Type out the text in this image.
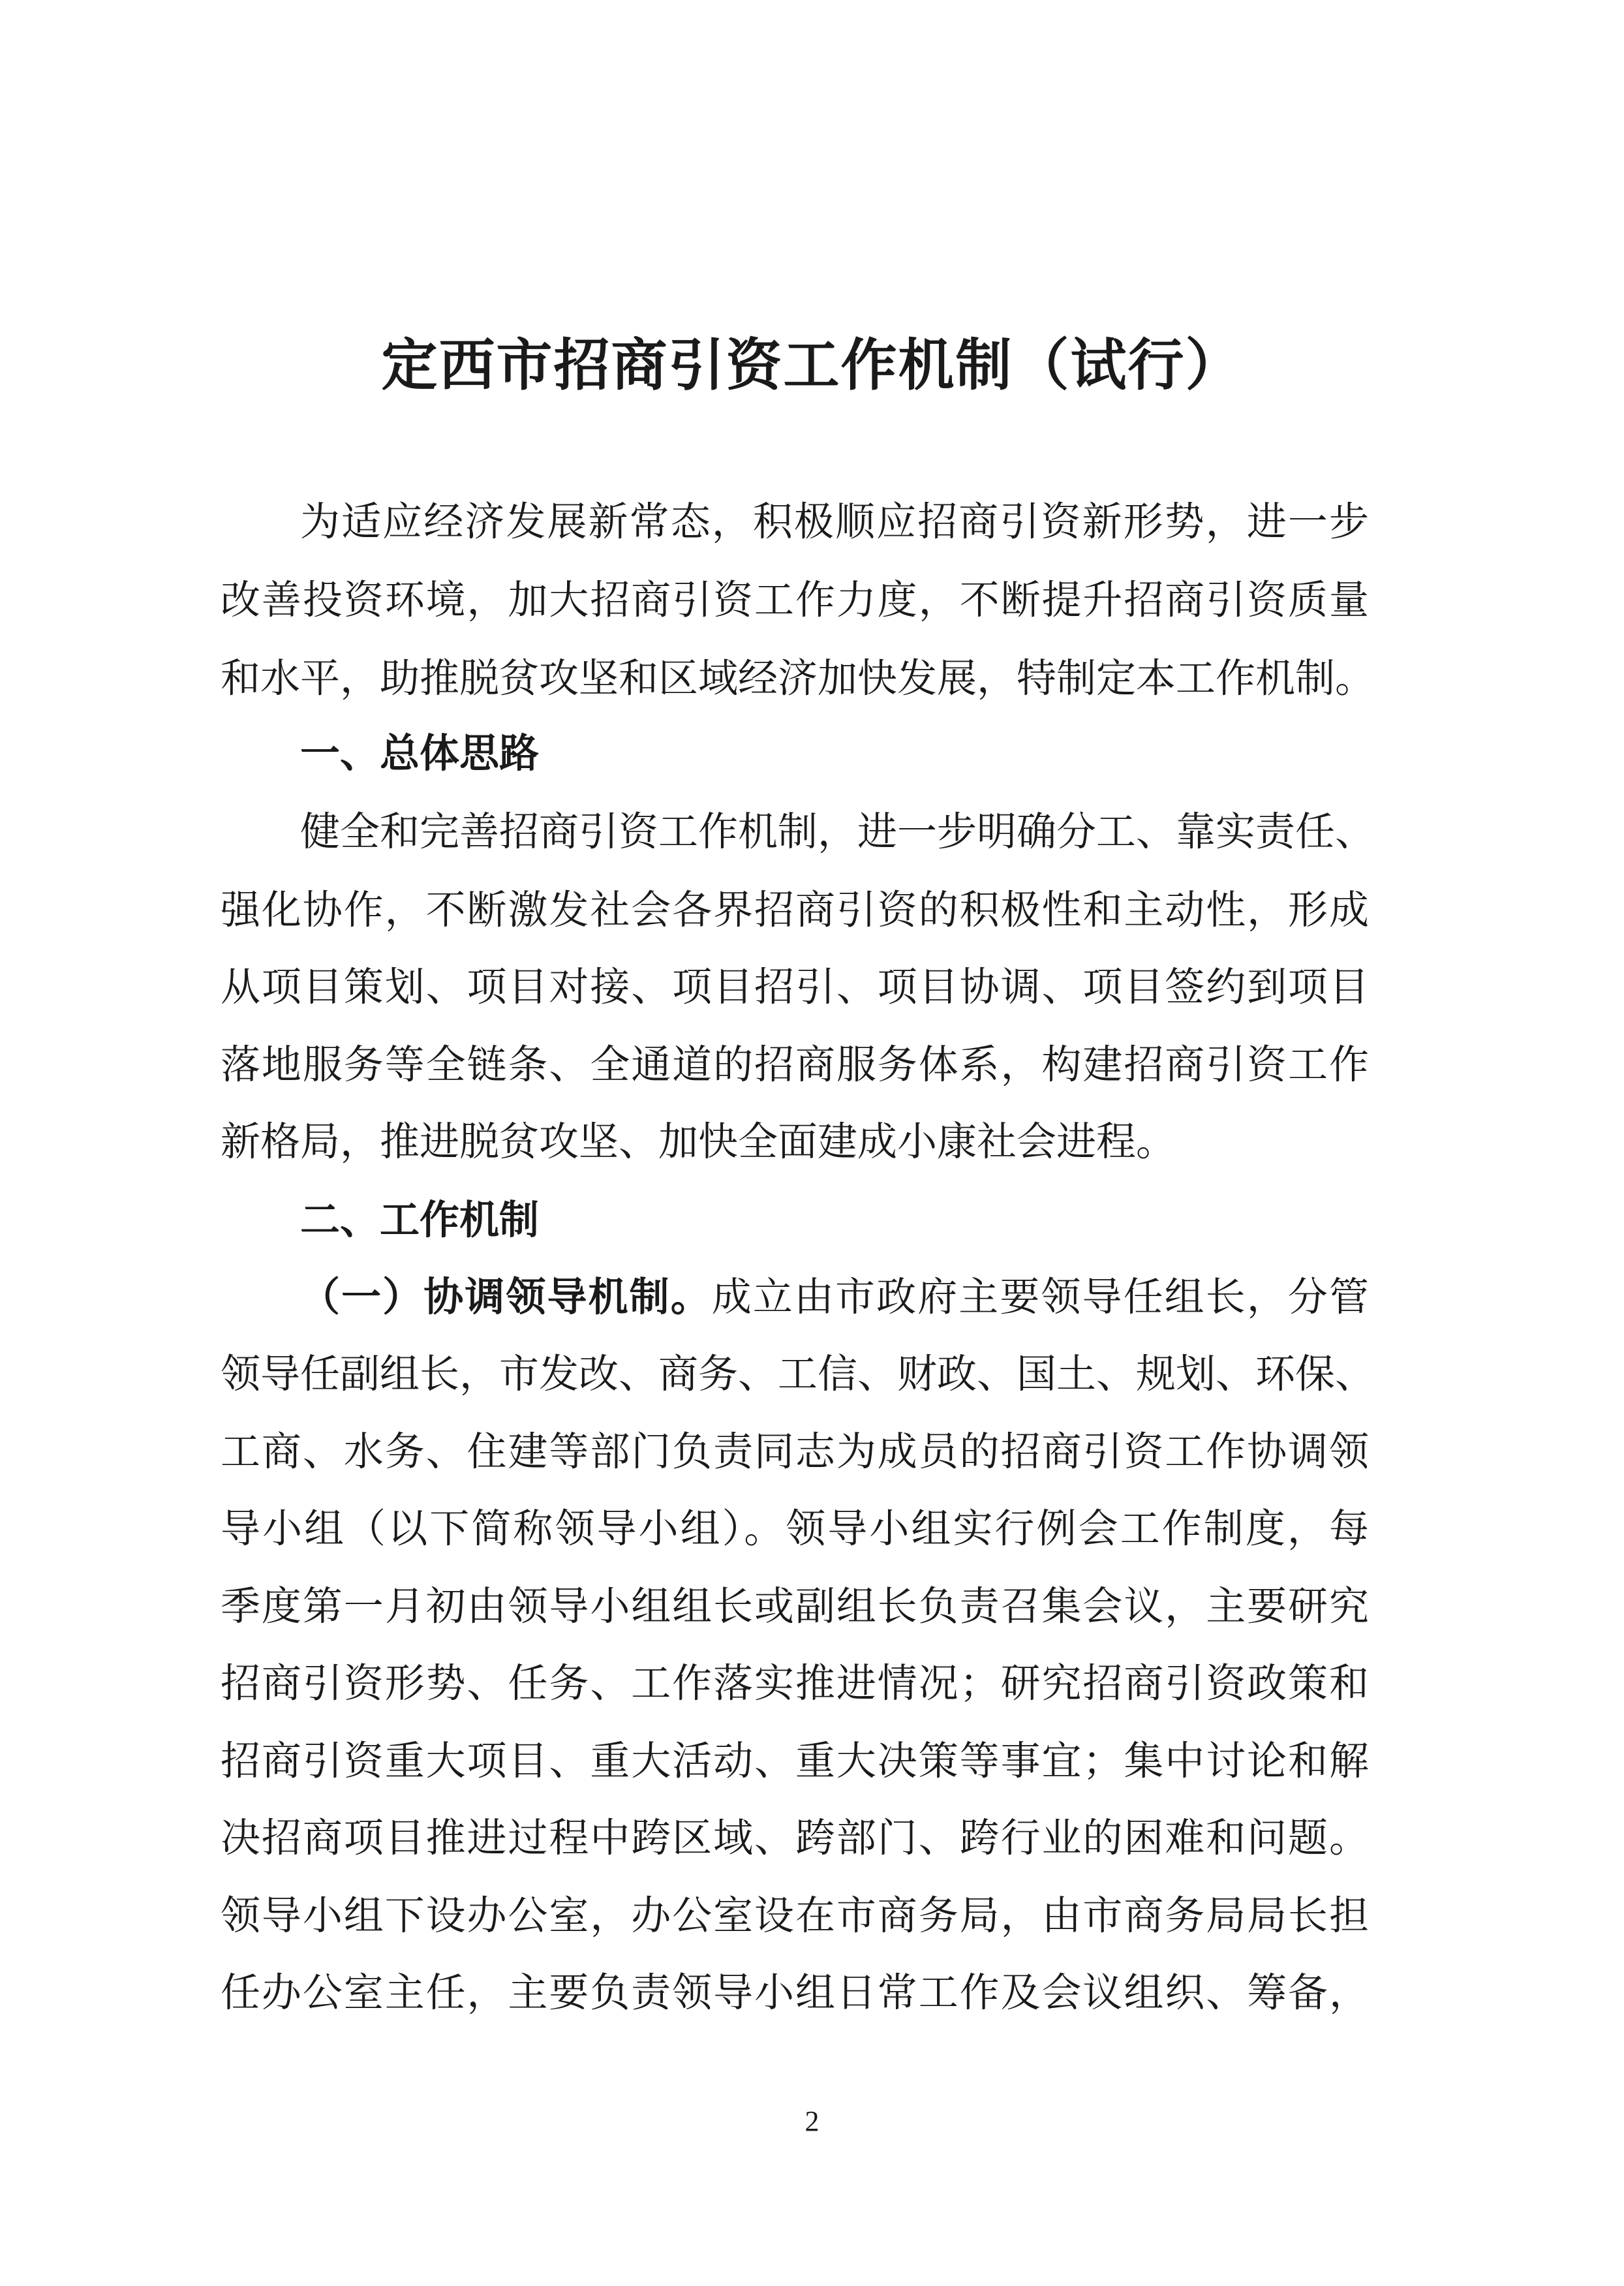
定西市招商引资工作机制（试行）
为适应经济发展新常态，积极顺应招商引资新形势，进一步
改善投资环境，加大招商引资工作力度，不断提升招商引资质量
和水平，助推脱贫攻坚和区域经济加快发展，特制定本工作机制。
一、总体思路
健全和完善招商引资工作机制，进一步明确分工、靠实责任、
强化协作，不断激发社会各界招商引资的积极性和主动性，形成
从项目策划、项目对接、项目招引、项目协调、项目签约到项目
落地服务等全链条、全通道的招商服务体系，构建招商引资工作
新格局，推进脱贫攻坚、加快全面建成小康社会进程。
二、工作机制
（一）协调领导机制。成立由市政府主要领导任组长，分管
领导任副组长，市发改、商务、工信、财政、国土、规划、环保、
工商、水务、住建等部门负责同志为成员的招商引资工作协调领
导小组（以下简称领导小组）。领导小组实行例会工作制度，每
季度第一月初由领导小组组长或副组长负责召集会议，主要研究
招商引资形势、任务、工作落实推进情况；研究招商引资政策和
招商引资重大项目、重大活动、重大决策等事宜；集中讨论和解
决招商项目推进过程中跨区域、跨部门、跨行业的困难和问题。
领导小组下设办公室，办公室设在市商务局，由市商务局局长担
任办公室主任，主要负责领导小组日常工作及会议组织、筹备，
2
